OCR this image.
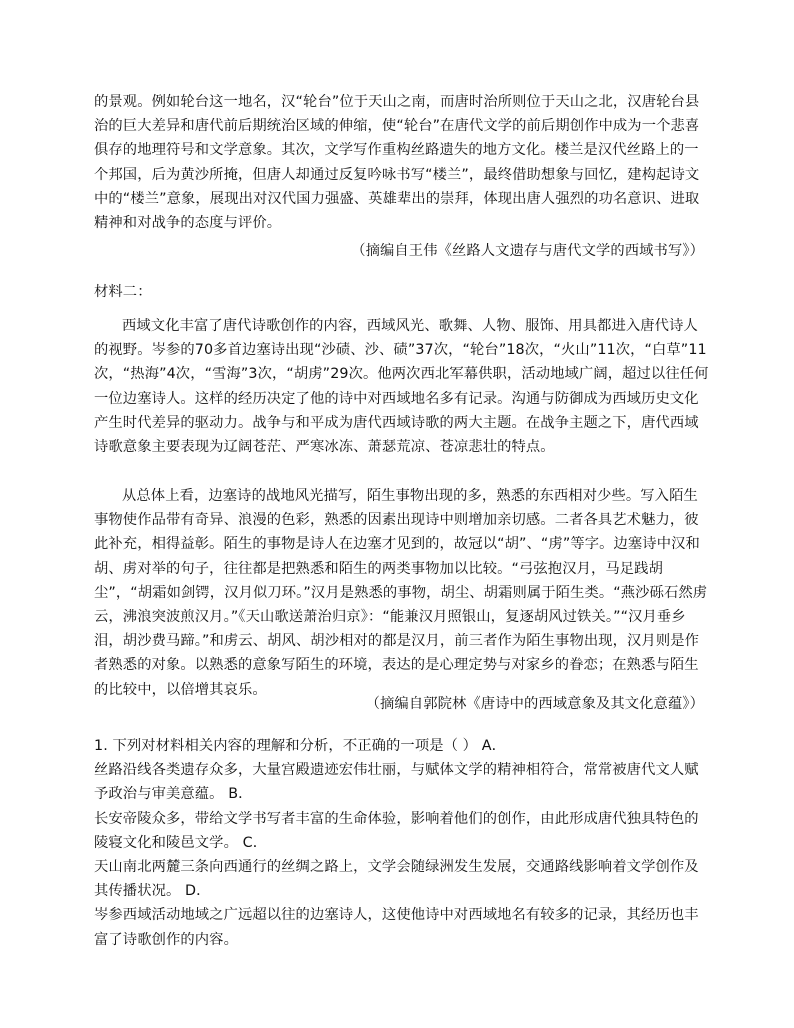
的景观。例如轮台这一地名，汉“轮台”位于天山之南，而唐时治所则位于天山之北，汉唐轮台县治的巨大差异和唐代前后期统治区域的伸缩，使“轮台”在唐代文学的前后期创作中成为一个悲喜俱存的地理符号和文学意象。其次，文学写作重构丝路遗失的地方文化。楼兰是汉代丝路上的一个邦国，后为黄沙所掩，但唐人却通过反复吟咏书写“楼兰”，最终借助想象与回忆，建构起诗文中的“楼兰”意象，展现出对汉代国力强盛、英雄辈出的崇拜，体现出唐人强烈的功名意识、进取精神和对战争的态度与评价。

（摘编自王伟《丝路人文遗存与唐代文学的西域书写》）

材料二：

西域文化丰富了唐代诗歌创作的内容，西域风光、歌舞、人物、服饰、用具都进入唐代诗人的视野。岑参的70多首边塞诗出现“沙碛、沙、碛”37次，“轮台”18次，“火山”11次，“白草”11次，“热海”4次，“雪海”3次，“胡虏”29次。他两次西北军幕供职，活动地域广阔，超过以往任何一位边塞诗人。这样的经历决定了他的诗中对西域地名多有记录。沟通与防御成为西域历史文化产生时代差异的驱动力。战争与和平成为唐代西域诗歌的两大主题。在战争主题之下，唐代西域诗歌意象主要表现为辽阔苍茫、严寒冰冻、萧瑟荒凉、苍凉悲壮的特点。

从总体上看，边塞诗的战地风光描写，陌生事物出现的多，熟悉的东西相对少些。写入陌生事物使作品带有奇异、浪漫的色彩，熟悉的因素出现诗中则增加亲切感。二者各具艺术魅力，彼此补充，相得益彰。陌生的事物是诗人在边塞才见到的，故冠以“胡”、“虏”等字。边塞诗中汉和胡、虏对举的句子，往往都是把熟悉和陌生的两类事物加以比较。“弓弦抱汉月，马足践胡尘”，“胡霜如剑锷，汉月似刀环。”汉月是熟悉的事物，胡尘、胡霜则属于陌生类。“燕沙砾石然虏云，沸浪突波煎汉月。”《天山歌送萧治归京》：“能兼汉月照银山，复逐胡风过铁关。”“汉月垂乡泪，胡沙费马蹄。”和虏云、胡风、胡沙相对的都是汉月，前三者作为陌生事物出现，汉月则是作者熟悉的对象。以熟悉的意象写陌生的环境，表达的是心理定势与对家乡的眷恋；在熟悉与陌生的比较中，以倍增其哀乐。

（摘编自郭院林《唐诗中的西域意象及其文化意蕴》）

1. 下列对材料相关内容的理解和分析，不正确的一项是（ ） A．

丝路沿线各类遗存众多，大量宫殿遗迹宏伟壮丽，与赋体文学的精神相符合，常常被唐代文人赋予政治与审美意蕴。 B．

长安帝陵众多，带给文学书写者丰富的生命体验，影响着他们的创作，由此形成唐代独具特色的陵寝文化和陵邑文学。 C．

天山南北两麓三条向西通行的丝绸之路上，文学会随绿洲发生发展，交通路线影响着文学创作及其传播状况。 D．

岑参西域活动地域之广远超以往的边塞诗人，这使他诗中对西域地名有较多的记录，其经历也丰富了诗歌创作的内容。
